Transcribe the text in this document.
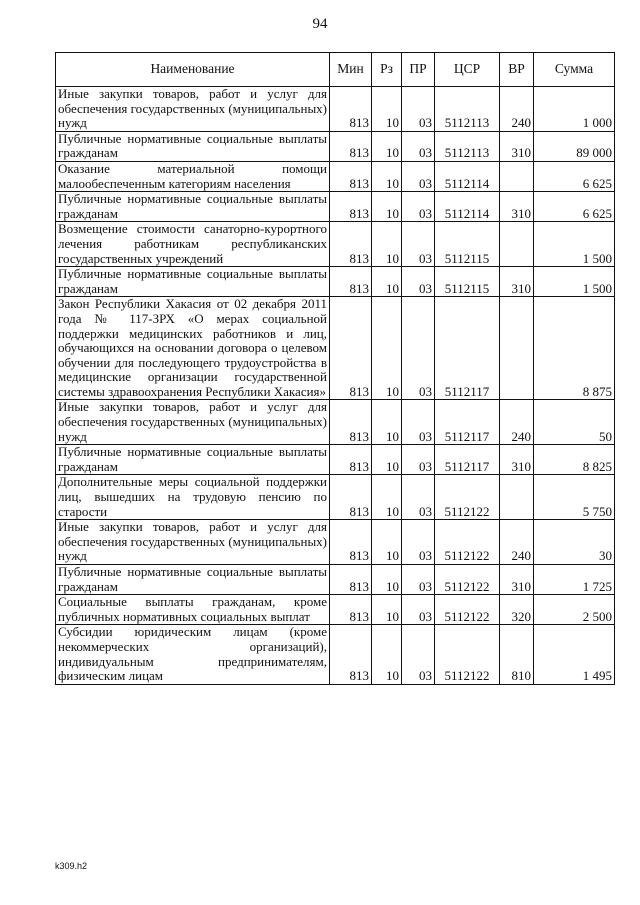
94
Наименование	Мин	Рз	ПР	ЦСР	ВР	Сумма
Иные закупки товаров, работ и услуг для обеспечения государственных (муниципальных) нужд	813	10	03	5112113	240	1 000
Публичные нормативные социальные выплаты гражданам	813	10	03	5112113	310	89 000
Оказание материальной помощи малообеспеченным категориям населения	813	10	03	5112114		6 625
Публичные нормативные социальные выплаты гражданам	813	10	03	5112114	310	6 625
Возмещение стоимости санаторно-курортного лечения работникам республиканских государственных учреждений	813	10	03	5112115		1 500
Публичные нормативные социальные выплаты гражданам	813	10	03	5112115	310	1 500
Закон Республики Хакасия от 02 декабря 2011 года № 117-ЗРХ «О мерах социальной поддержки медицинских работников и лиц, обучающихся на основании договора о целевом обучении для последующего трудоустройства в медицинские организации государственной системы здравоохранения Республики Хакасия»	813	10	03	5112117		8 875
Иные закупки товаров, работ и услуг для обеспечения государственных (муниципальных) нужд	813	10	03	5112117	240	50
Публичные нормативные социальные выплаты гражданам	813	10	03	5112117	310	8 825
Дополнительные меры социальной поддержки лиц, вышедших на трудовую пенсию по старости	813	10	03	5112122		5 750
Иные закупки товаров, работ и услуг для обеспечения государственных (муниципальных) нужд	813	10	03	5112122	240	30
Публичные нормативные социальные выплаты гражданам	813	10	03	5112122	310	1 725
Социальные выплаты гражданам, кроме публичных нормативных социальных выплат	813	10	03	5112122	320	2 500
Субсидии юридическим лицам (кроме некоммерческих организаций), индивидуальным предпринимателям, физическим лицам	813	10	03	5112122	810	1 495
k309.h2
